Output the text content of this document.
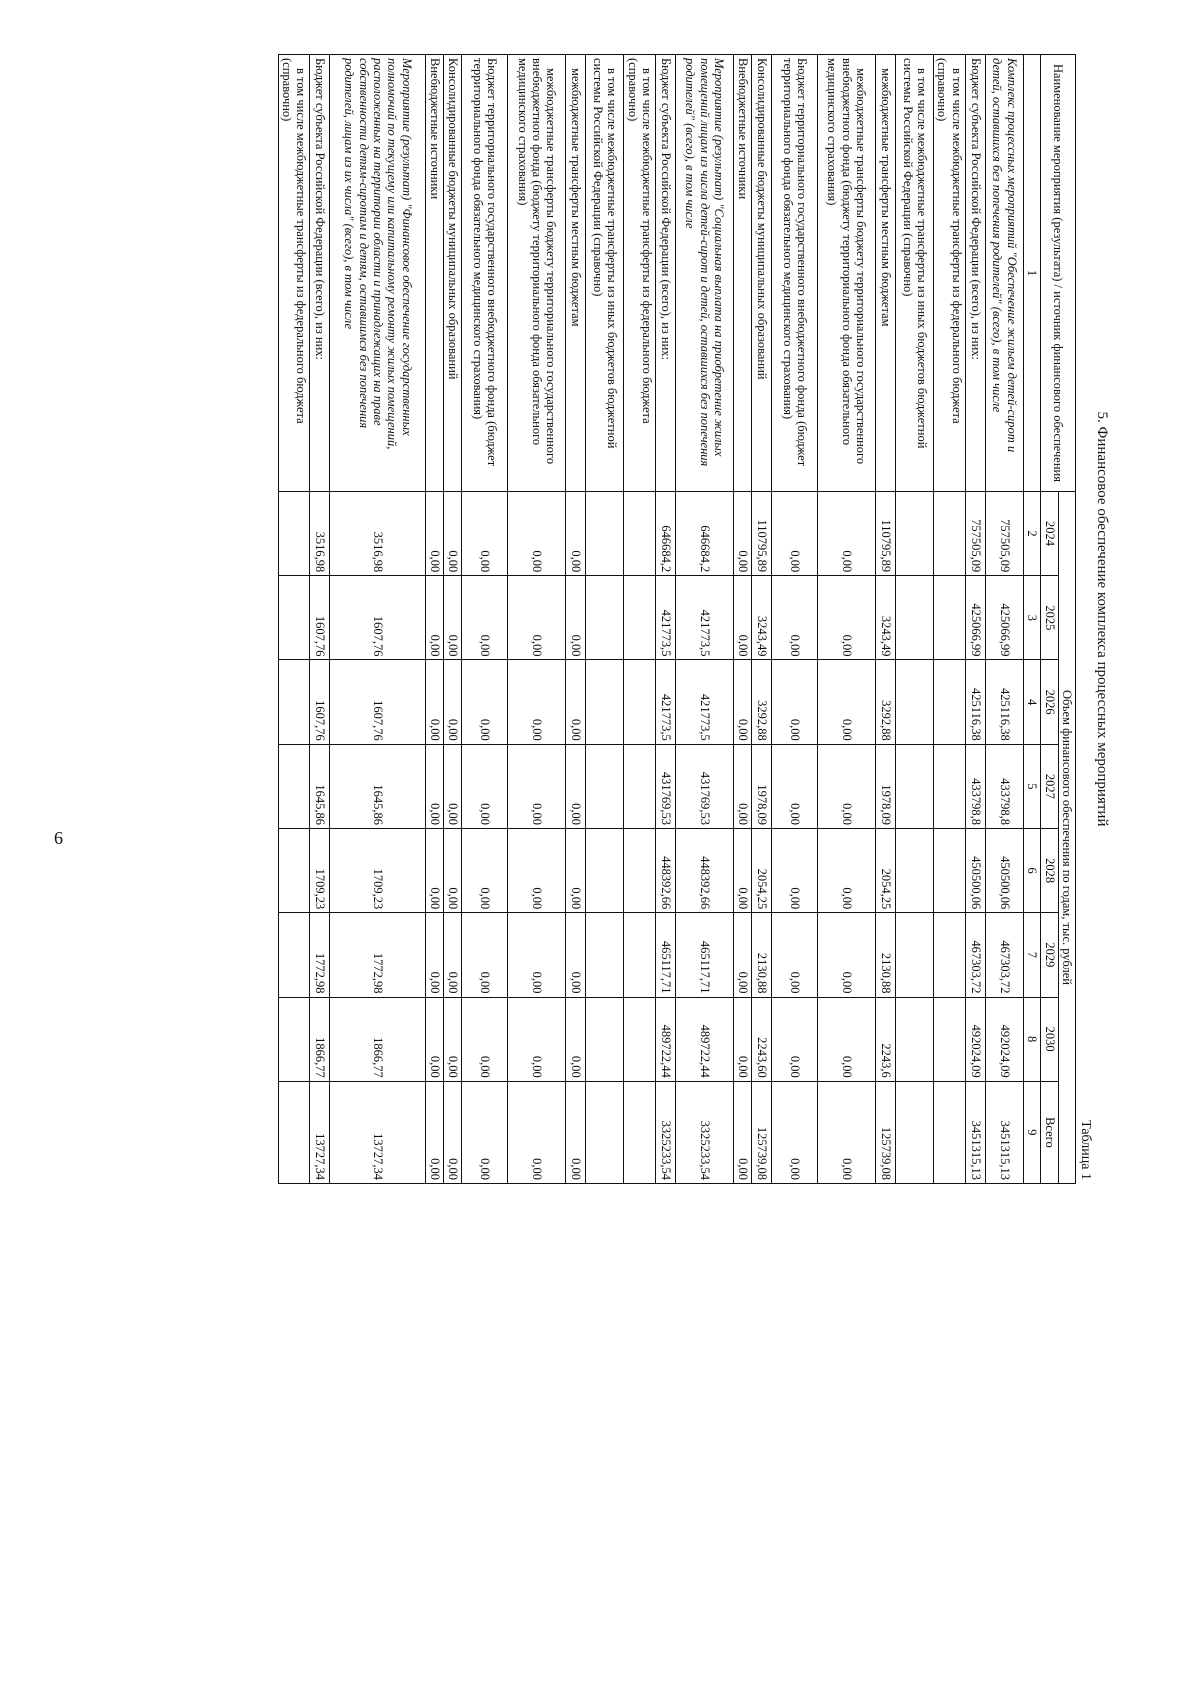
6
5. Финансовое обеспечение комплекса процессных мероприятий
Таблица 1
Наименование мероприятия (результата) / источник финансового обеспечения	Объем финансового обеспечения по годам, тыс. рублей							
	2024	2025	2026	2027	2028	2029	2030	Всего
1	2	3	4	5	6	7	8	9
Комплекс процессных мероприятий "Обеспечение жильем детей-сирот и детей, оставшихся без попечения родителей" (всего), в том числе	757505,09	425066,99	425116,38	433798,8	450500,06	467303,72	492024,09	3451315,13
Бюджет субъекта Российской Федерации (всего), из них:	757505,09	425066,99	425116,38	433798,8	450500,06	467303,72	492024,09	3451315,13
в том числе межбюджетные трансферты из федерального бюджета (справочно)								
в том числе межбюджетные трансферты из иных бюджетов бюджетной системы Российской Федерации (справочно)								
межбюджетные трансферты местным бюджетам	110795,89	3243,49	3292,88	1978,09	2054,25	2130,88	2243,6	125739,08
межбюджетные трансферты бюджету территориального государственного внебюджетного фонда (бюджету территориального фонда обязательного медицинского страхования)	0,00	0,00	0,00	0,00	0,00	0,00	0,00	0,00
Бюджет территориального государственного внебюджетного фонда (бюджет территориального фонда обязательного медицинского страхования)	0,00	0,00	0,00	0,00	0,00	0,00	0,00	0,00
Консолидированные бюджеты муниципальных образований	110795,89	3243,49	3292,88	1978,09	2054,25	2130,88	2243,60	125739,08
Внебюджетные источники	0,00	0,00	0,00	0,00	0,00	0,00	0,00	0,00
Мероприятие (результат) "Социальная выплата на приобретение жилых помещений лицам из числа детей-сирот и детей, оставшихся без попечения родителей" (всего), в том числе	646684,2	421773,5	421773,5	431769,53	448392,66	465117,71	489722,44	3325233,54
Бюджет субъекта Российской Федерации (всего), из них:	646684,2	421773,5	421773,5	431769,53	448392,66	465117,71	489722,44	3325233,54
в том числе межбюджетные трансферты из федерального бюджета (справочно)								
в том числе межбюджетные трансферты из иных бюджетов бюджетной системы Российской Федерации (справочно)								
межбюджетные трансферты местным бюджетам	0,00	0,00	0,00	0,00	0,00	0,00	0,00	0,00
межбюджетные трансферты бюджету территориального государственного внебюджетного фонда (бюджету территориального фонда обязательного медицинского страхования)	0,00	0,00	0,00	0,00	0,00	0,00	0,00	0,00
Бюджет территориального государственного внебюджетного фонда (бюджет территориального фонда обязательного медицинского страхования)	0,00	0,00	0,00	0,00	0,00	0,00	0,00	0,00
Консолидированные бюджеты муниципальных образований	0,00	0,00	0,00	0,00	0,00	0,00	0,00	0,00
Внебюджетные источники	0,00	0,00	0,00	0,00	0,00	0,00	0,00	0,00
Мероприятие (результат) "Финансовое обеспечение государственных полномочий по текущему или капитальному ремонту жилых помещений, расположенных на территории области и принадлежащих на праве собственности детям-сиротам и детям, оставшимся без попечения родителей, лицам из их числа" (всего), в том числе	3516,98	1607,76	1607,76	1645,86	1709,23	1772,98	1866,77	13727,34
Бюджет субъекта Российской Федерации (всего), из них:	3516,98	1607,76	1607,76	1645,86	1709,23	1772,98	1866,77	13727,34
в том числе межбюджетные трансферты из федерального бюджета (справочно)								
